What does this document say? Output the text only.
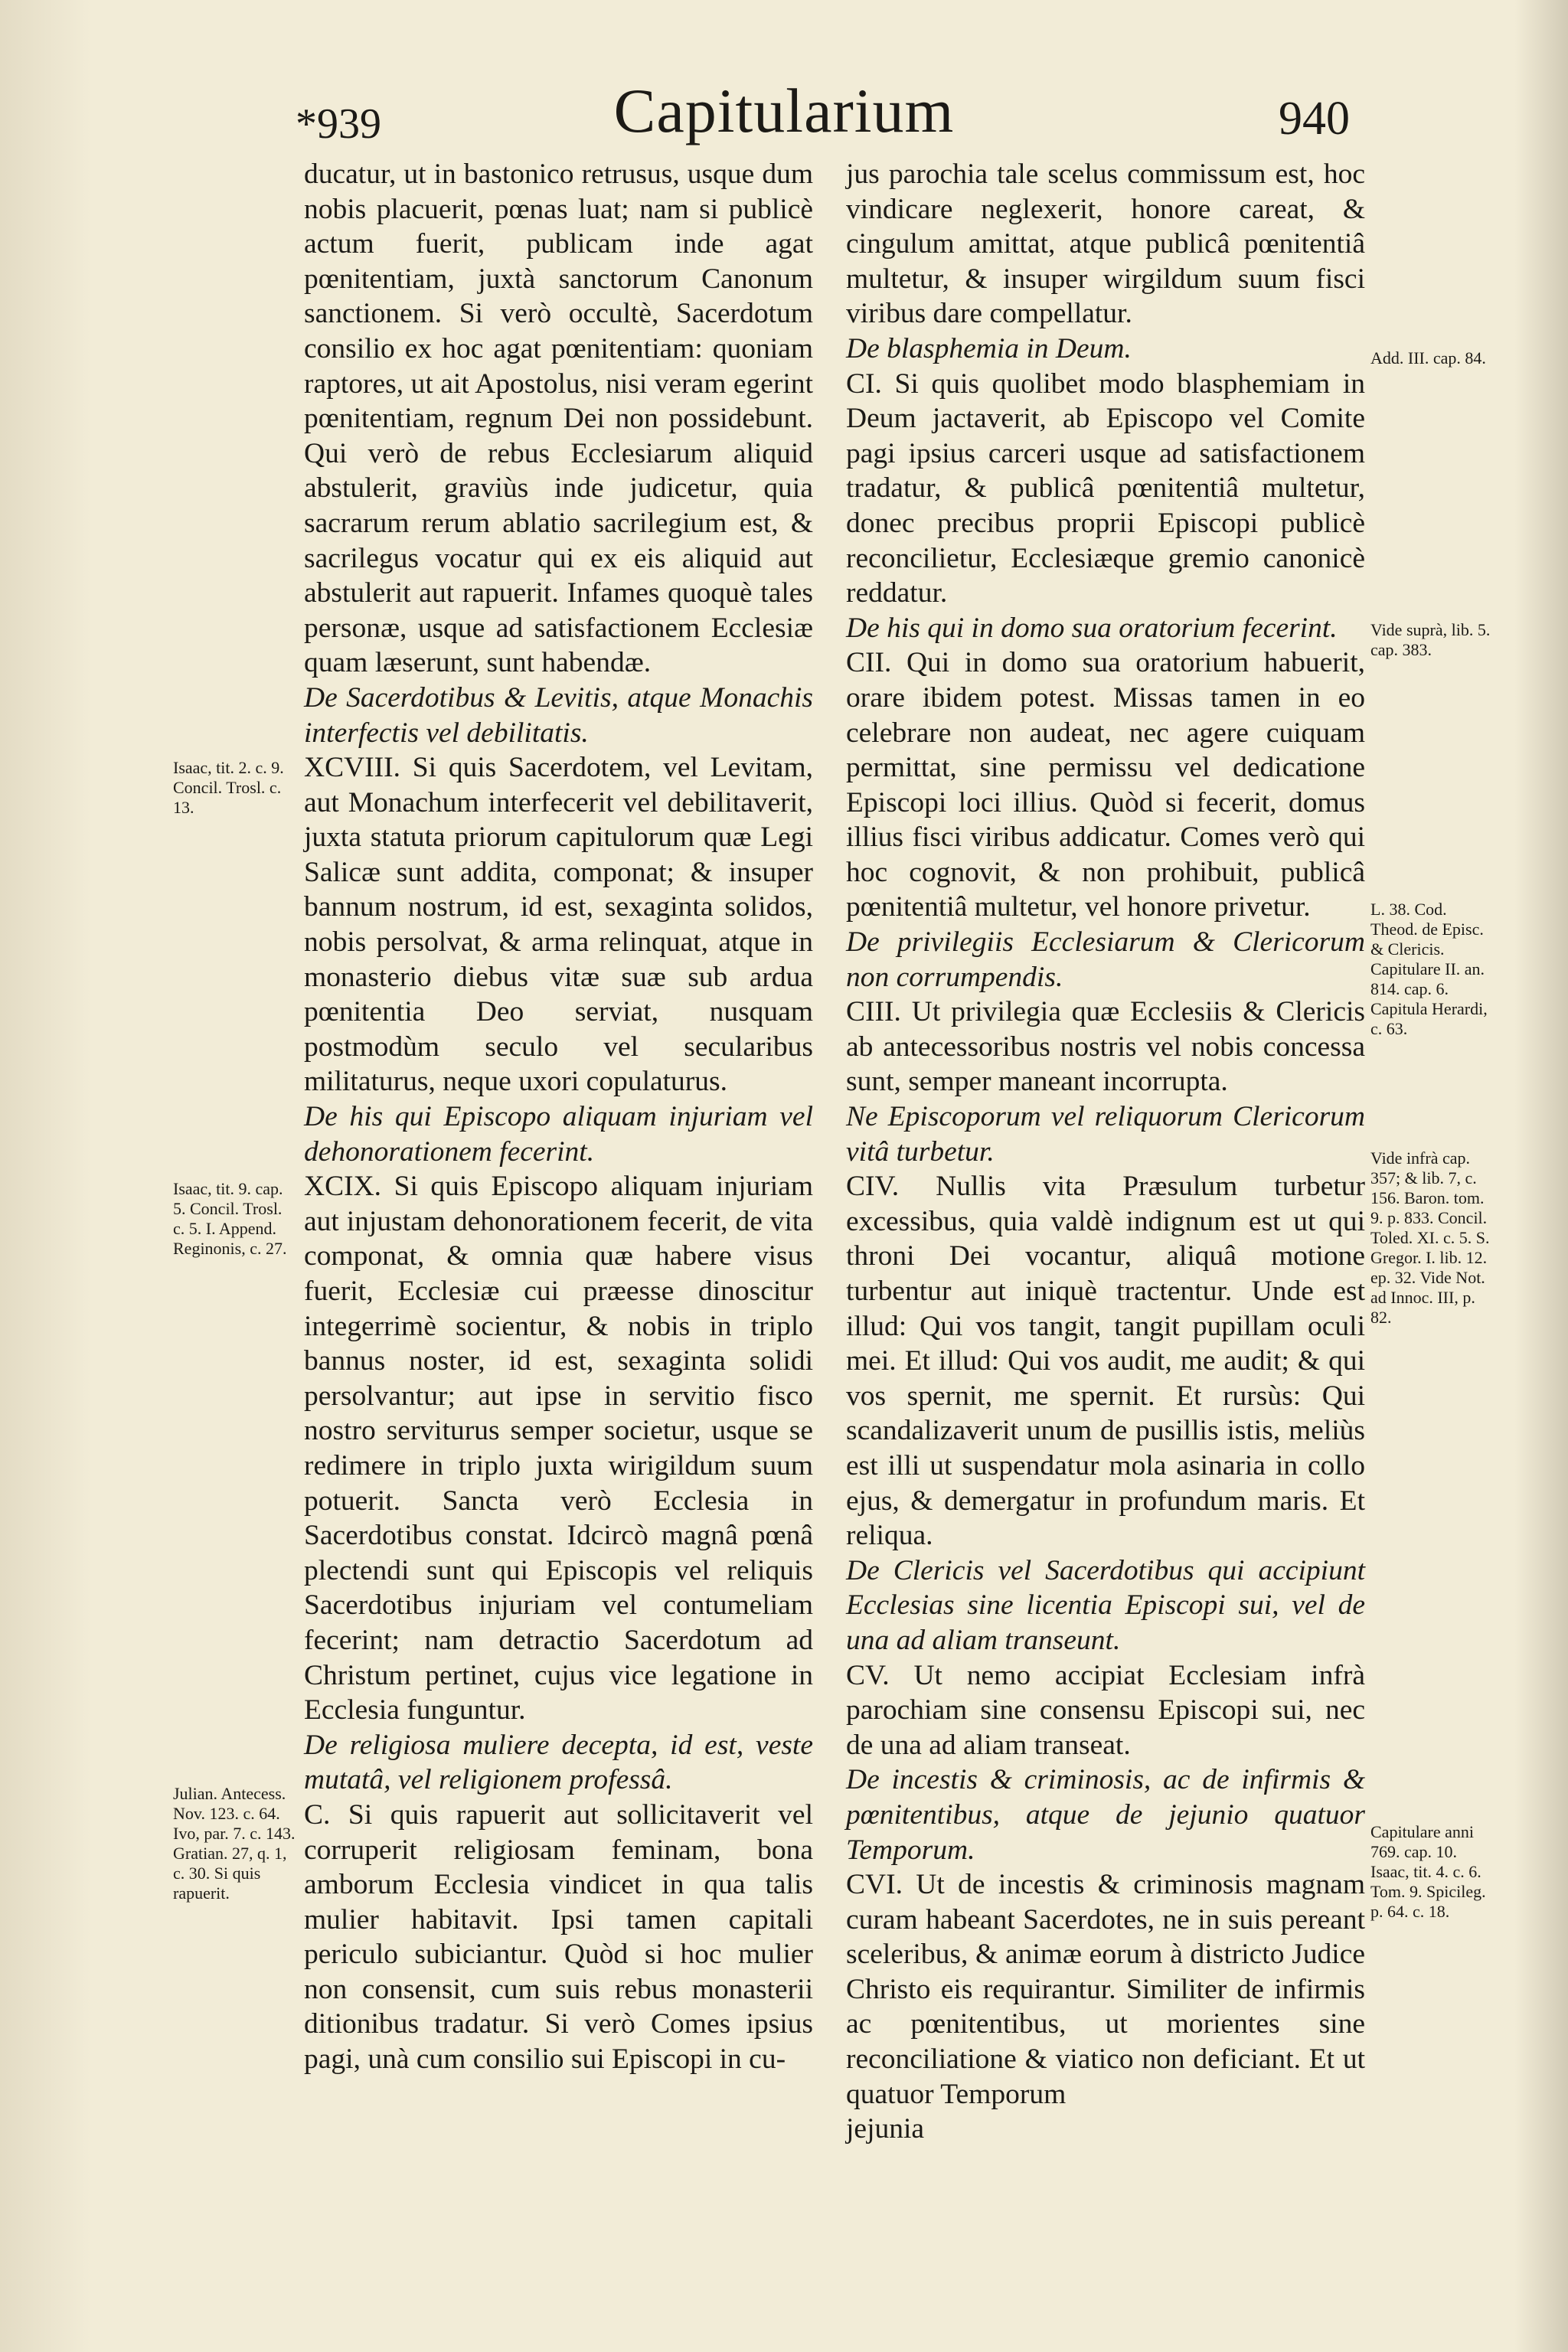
*939	Capitularium	940
Isaac, tit. 2. c. 9. Concil. Trosl. c. 13.
Isaac, tit. 9. cap. 5. Concil. Trosl. c. 5. I. Append. Reginonis, c. 27.
Julian. Antecess. Nov. 123. c. 64. Ivo, par. 7. c. 143. Gratian. 27, q. 1, c. 30. Si quis rapuerit.
Add. III. cap. 84.
Vide suprà, lib. 5. cap. 383.
L. 38. Cod. Theod. de Episc. & Clericis. Capitulare II. an. 814. cap. 6. Capitula Herardi, c. 63.
Vide infrà cap. 357; & lib. 7, c. 156. Baron. tom. 9. p. 833. Concil. Toled. XI. c. 5. S. Gregor. I. lib. 12. ep. 32. Vide Not. ad Innoc. III, p. 82.
Capitulare anni 769. cap. 10. Isaac, tit. 4. c. 6. Tom. 9. Spicileg. p. 64. c. 18.

ducatur, ut in bastonico retrusus, usque dum nobis placuerit, pœnas luat; nam si publicè actum fuerit, publicam inde agat pœnitentiam, juxtà sanctorum Canonum sanctionem. Si verò occultè, Sacerdotum consilio ex hoc agat pœnitentiam: quoniam raptores, ut ait Apostolus, nisi veram egerint pœnitentiam, regnum Dei non possidebunt. Qui verò de rebus Ecclesiarum aliquid abstulerit, graviùs inde judicetur, quia sacrarum rerum ablatio sacrilegium est, & sacrilegus vocatur qui ex eis aliquid aut abstulerit aut rapuerit. Infames quoquè tales personæ, usque ad satisfactionem Ecclesiæ quam læserunt, sunt habendæ.

De Sacerdotibus & Levitis, atque Monachis interfectis vel debilitatis.

XCVIII. Si quis Sacerdotem, vel Levitam, aut Monachum interfecerit vel debilitaverit, juxta statuta priorum capitulorum quæ Legi Salicæ sunt addita, componat; & insuper bannum nostrum, id est, sexaginta solidos, nobis persolvat, & arma relinquat, atque in monasterio diebus vitæ suæ sub ardua pœnitentia Deo serviat, nusquam postmodùm seculo vel secularibus militaturus, neque uxori copulaturus.

De his qui Episcopo aliquam injuriam vel dehonorationem fecerint.

XCIX. Si quis Episcopo aliquam injuriam aut injustam dehonorationem fecerit, de vita componat, & omnia quæ habere visus fuerit, Ecclesiæ cui præesse dinoscitur integerrimè socientur, & nobis in triplo bannus noster, id est, sexaginta solidi persolvantur; aut ipse in servitio fisco nostro serviturus semper societur, usque se redimere in triplo juxta wirigildum suum potuerit. Sancta verò Ecclesia in Sacerdotibus constat. Idcircò magnâ pœnâ plectendi sunt qui Episcopis vel reliquis Sacerdotibus injuriam vel contumeliam fecerint; nam detractio Sacerdotum ad Christum pertinet, cujus vice legatione in Ecclesia funguntur.

De religiosa muliere decepta, id est, veste mutatâ, vel religionem professâ.

C. Si quis rapuerit aut sollicitaverit vel corruperit religiosam feminam, bona amborum Ecclesia vindicet in qua talis mulier habitavit. Ipsi tamen capitali periculo subiciantur. Quòd si hoc mulier non consensit, cum suis rebus monasterii ditionibus tradatur. Si verò Comes ipsius pagi, unà cum consilio sui Episcopi in cu-

jus parochia tale scelus commissum est, hoc vindicare neglexerit, honore careat, & cingulum amittat, atque publicâ pœnitentiâ multetur, & insuper wirgildum suum fisci viribus dare compellatur.

De blasphemia in Deum.

CI. Si quis quolibet modo blasphemiam in Deum jactaverit, ab Episcopo vel Comite pagi ipsius carceri usque ad satisfactionem tradatur, & publicâ pœnitentiâ multetur, donec precibus proprii Episcopi publicè reconcilietur, Ecclesiæque gremio canonicè reddatur.

De his qui in domo sua oratorium fecerint.

CII. Qui in domo sua oratorium habuerit, orare ibidem potest. Missas tamen in eo celebrare non audeat, nec agere cuiquam permittat, sine permissu vel dedicatione Episcopi loci illius. Quòd si fecerit, domus illius fisci viribus addicatur. Comes verò qui hoc cognovit, & non prohibuit, publicâ pœnitentiâ multetur, vel honore privetur.

De privilegiis Ecclesiarum & Clericorum non corrumpendis.

CIII. Ut privilegia quæ Ecclesiis & Clericis ab antecessoribus nostris vel nobis concessa sunt, semper maneant incorrupta.

Ne Episcoporum vel reliquorum Clericorum vitâ turbetur.

CIV. Nullis vita Præsulum turbetur excessibus, quia valdè indignum est ut qui throni Dei vocantur, aliquâ motione turbentur aut iniquè tractentur. Unde est illud: Qui vos tangit, tangit pupillam oculi mei. Et illud: Qui vos audit, me audit; & qui vos spernit, me spernit. Et rursùs: Qui scandalizaverit unum de pusillis istis, meliùs est illi ut suspendatur mola asinaria in collo ejus, & demergatur in profundum maris. Et reliqua.

De Clericis vel Sacerdotibus qui accipiunt Ecclesias sine licentia Episcopi sui, vel de una ad aliam transeunt.

CV. Ut nemo accipiat Ecclesiam infrà parochiam sine consensu Episcopi sui, nec de una ad aliam transeat.

De incestis & criminosis, ac de infirmis & pœnitentibus, atque de jejunio quatuor Temporum.

CVI. Ut de incestis & criminosis magnam curam habeant Sacerdotes, ne in suis pereant sceleribus, & animæ eorum à districto Judice Christo eis requirantur. Similiter de infirmis ac pœnitentibus, ut morientes sine reconciliatione & viatico non deficiant. Et ut quatuor Temporum

jejunia
